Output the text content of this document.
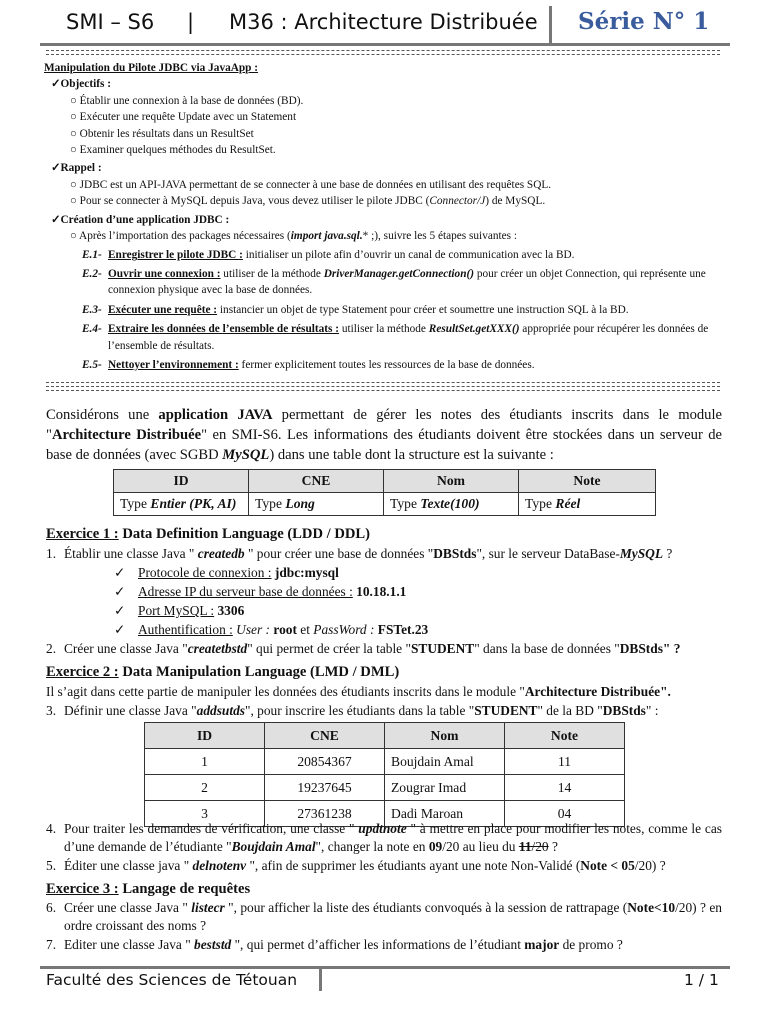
SMI – S6 | M36 : Architecture Distribuée Série N° 1

Manipulation du Pilote JDBC via JavaApp :

✓Objectifs :

○ Établir une connexion à la base de données (BD).

○ Exécuter une requête Update avec un Statement

○ Obtenir les résultats dans un ResultSet

○ Examiner quelques méthodes du ResultSet.

✓Rappel :

○ JDBC est un API-JAVA permettant de se connecter à une base de données en utilisant des requêtes SQL.

○ Pour se connecter à MySQL depuis Java, vous devez utiliser le pilote JDBC (Connector/J) de MySQL.

✓Création d’une application JDBC :

○ Après l’importation des packages nécessaires (import java.sql.* ;), suivre les 5 étapes suivantes :

E.1- Enregistrer le pilote JDBC : initialiser un pilote afin d’ouvrir un canal de communication avec la BD.
E.2- Ouvrir une connexion : utiliser de la méthode DriverManager.getConnection() pour créer un objet Connection, qui représente une connexion physique avec la base de données.
E.3- Exécuter une requête : instancier un objet de type Statement pour créer et soumettre une instruction SQL à la BD.
E.4- Extraire les données de l’ensemble de résultats : utiliser la méthode ResultSet.getXXX() appropriée pour récupérer les données de l’ensemble de résultats.
E.5- Nettoyer l’environnement : fermer explicitement toutes les ressources de la base de données.
Considérons une application JAVA permettant de gérer les notes des étudiants inscrits dans le module "Architecture Distribuée" en SMI-S6. Les informations des étudiants doivent être stockées dans un serveur de base de données (avec SGBD MySQL) dans une table dont la structure est la suivante :
ID	CNE	Nom	Note
Type Entier (PK, AI)	Type Long	Type Texte(100)	Type Réel

Exercice 1 : Data Definition Language (LDD / DDL)

1. Établir une classe Java " createdb " pour créer une base de données "DBStds", sur le serveur DataBase-MySQL ?

✓ Protocole de connexion : jdbc:mysql

✓ Adresse IP du serveur base de données : 10.18.1.1

✓ Port MySQL : 3306

✓ Authentification : User : root et PassWord : FSTet.23

2. Créer une classe Java "createtbstd" qui permet de créer la table "STUDENT" dans la base de données "DBStds" ?

Exercice 2 : Data Manipulation Language (LMD / DML)

Il s’agit dans cette partie de manipuler les données des étudiants inscrits dans le module "Architecture Distribuée".

3. Définir une classe Java "addsutds", pour inscrire les étudiants dans la table "STUDENT" de la BD "DBStds" :

ID	CNE	Nom	Note
1	20854367	Boujdain Amal	11
2	19237645	Zougrar Imad	14
3	27361238	Dadi Maroan	04

4. Pour traiter les demandes de vérification, une classe " updtnote " à mettre en place pour modifier les notes, comme le cas d’une demande de l’étudiante "Boujdain Amal", changer la note en 09/20 au lieu du 11/20 ?

5. Éditer une classe java " delnotenv ", afin de supprimer les étudiants ayant une note Non-Validé (Note < 05/20) ?

Exercice 3 : Langage de requêtes

6. Créer une classe Java " listecr ", pour afficher la liste des étudiants convoqués à la session de rattrapage (Note<10/20) ? en ordre croissant des noms ?

7. Editer une classe Java " beststd ", qui permet d’afficher les informations de l’étudiant major de promo ?

Faculté des Sciences de Tétouan	1 / 1
